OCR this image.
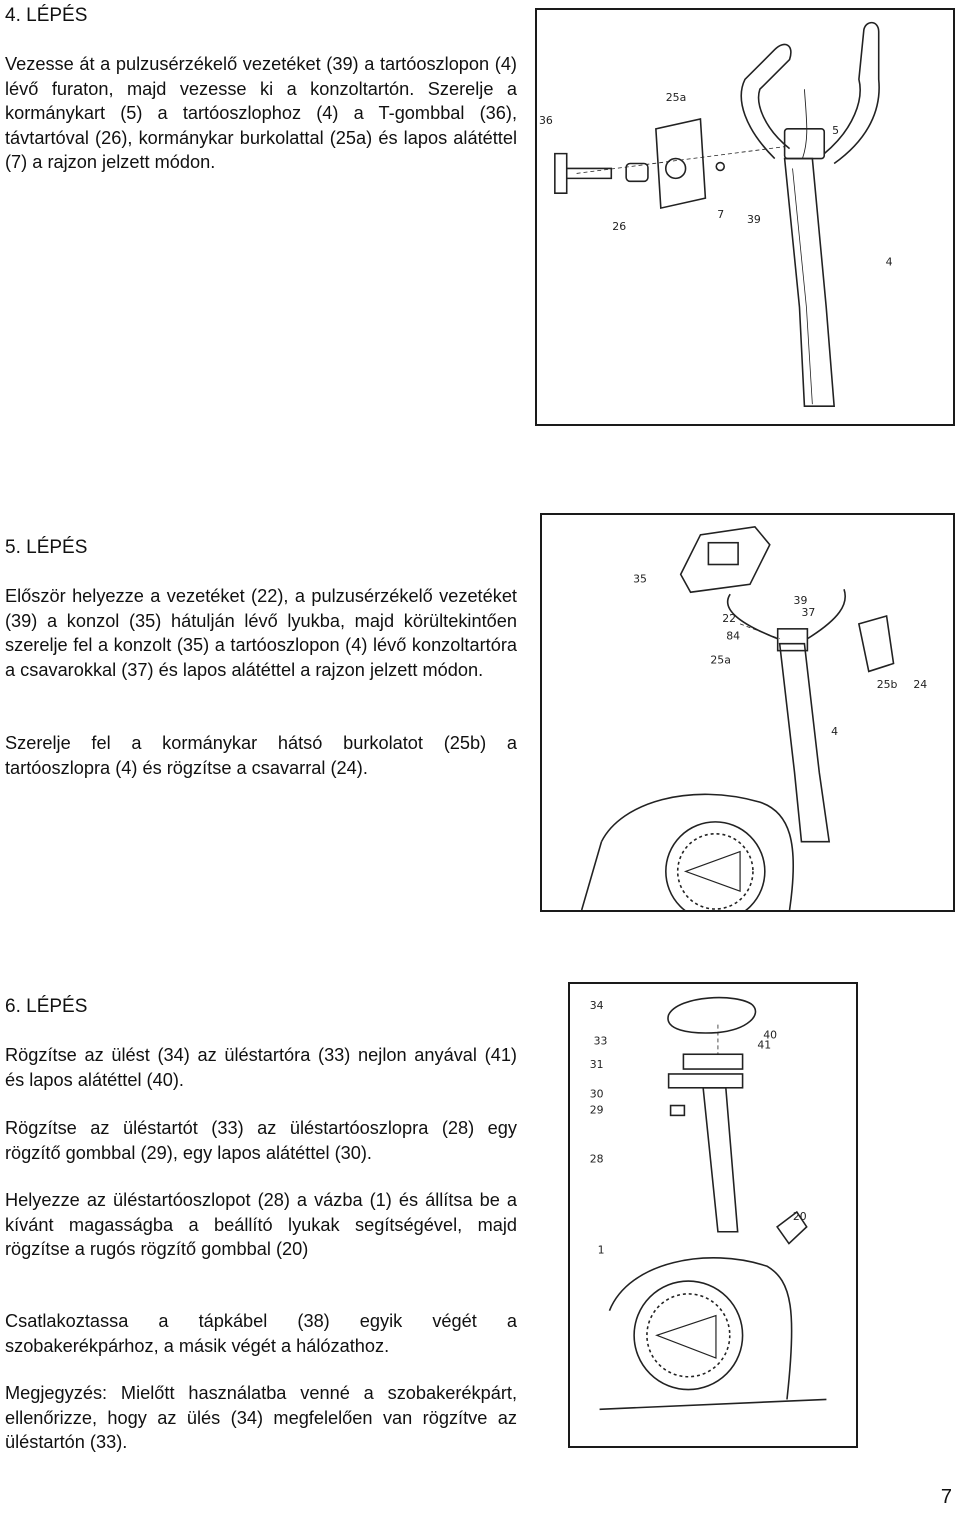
4. LÉPÉS

Vezesse át a pulzusérzékelő vezetéket (39) a tartóoszlopon (4) lévő furaton, majd vezesse ki a konzoltartón. Szerelje a kormánykart (5) a tartóoszlophoz (4) a T-gombbal (36), távtartóval (26), kormánykar burkolattal (25a) és lapos alátéttel (7) a rajzon jelzett módon.

36
25a
5
26
7 39
4
5. LÉPÉS

Először helyezze a vezetéket (22), a pulzusérzékelő vezetéket (39) a konzol (35) hátulján lévő lyukba, majd körültekintően szerelje fel a konzolt (35) a tartóoszlopon (4) lévő konzoltartóra a csavarokkal (37) és lapos alátéttel a rajzon jelzett módon.

Szerelje fel a kormánykar hátsó burkolatot (25b) a tartóoszlopra (4) és rögzítse a csavarral (24).

35
22
84
39
37
25a
25b 24
4
6. LÉPÉS

Rögzítse az ülést (34) az üléstartóra (33) nejlon anyával (41) és lapos alátéttel (40).

Rögzítse az üléstartót (33) az üléstartóoszlopra (28) egy rögzítő gombbal (29), egy lapos alátéttel (30).

Helyezze az üléstartóoszlopot (28) a vázba (1) és állítsa be a kívánt magasságba a beállító lyukak segítségével, majd rögzítse a rugós rögzítő gombbal (20)

Csatlakoztassa a tápkábel (38) egyik végét a szobakerékpárhoz, a másik végét a hálózathoz.

Megjegyzés: Mielőtt használatba venné a szobakerékpárt, ellenőrizze, hogy az ülés (34) megfelelően van rögzítve az üléstartón (33).

34
33	40
41
31
30
29
28
20
1
7
